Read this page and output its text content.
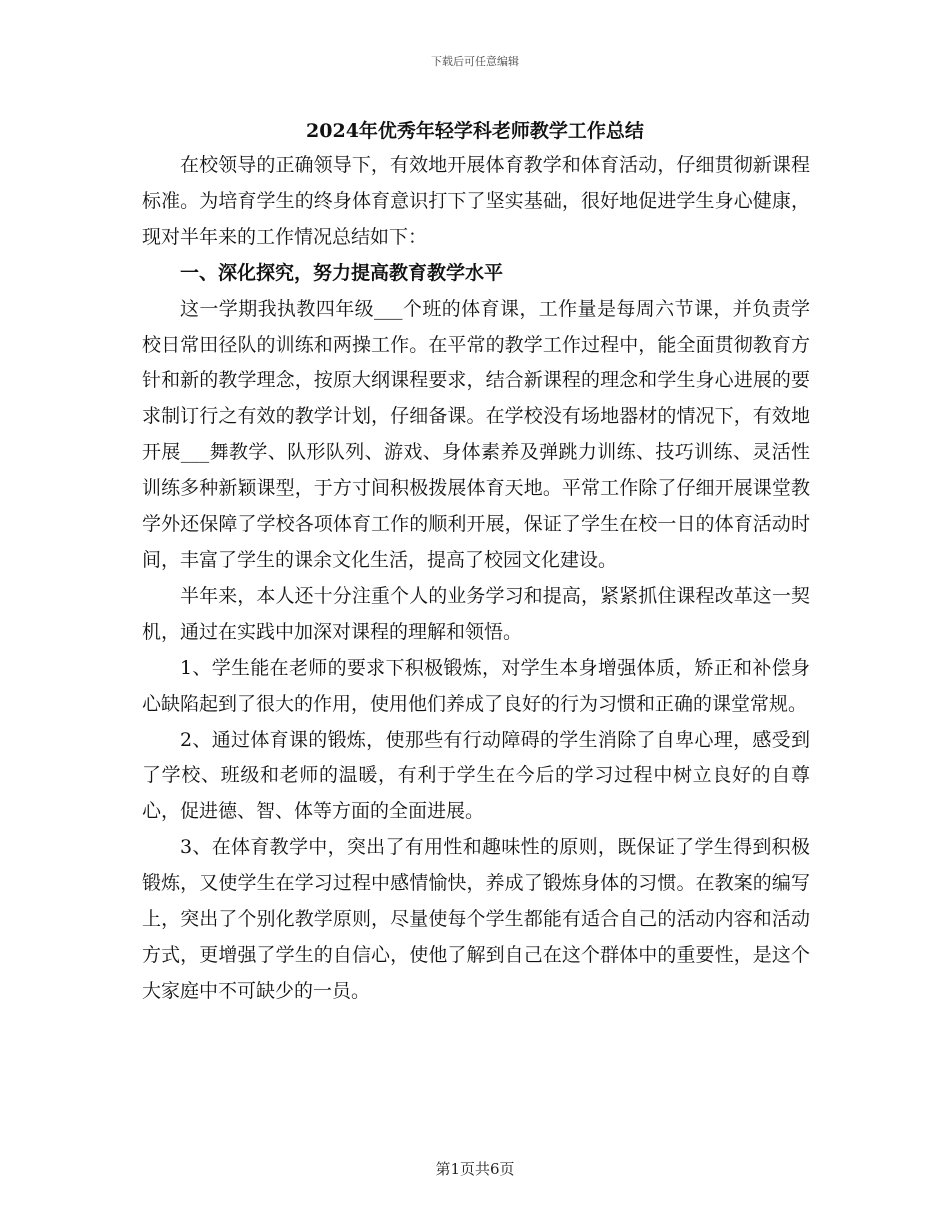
下载后可任意编辑
2024年优秀年轻学科老师教学工作总结

在校领导的正确领导下，有效地开展体育教学和体育活动，仔细贯彻新课程标准。为培育学生的终身体育意识打下了坚实基础，很好地促进学生身心健康，现对半年来的工作情况总结如下：

一、深化探究，努力提高教育教学水平

这一学期我执教四年级___个班的体育课，工作量是每周六节课，并负责学校日常田径队的训练和两操工作。在平常的教学工作过程中，能全面贯彻教育方针和新的教学理念，按原大纲课程要求，结合新课程的理念和学生身心进展的要求制订行之有效的教学计划，仔细备课。在学校没有场地器材的情况下，有效地开展___舞教学、队形队列、游戏、身体素养及弹跳力训练、技巧训练、灵活性训练多种新颖课型，于方寸间积极拨展体育天地。平常工作除了仔细开展课堂教学外还保障了学校各项体育工作的顺利开展，保证了学生在校一日的体育活动时间，丰富了学生的课余文化生活，提高了校园文化建设。

半年来，本人还十分注重个人的业务学习和提高，紧紧抓住课程改革这一契机，通过在实践中加深对课程的理解和领悟。

1、学生能在老师的要求下积极锻炼，对学生本身增强体质，矫正和补偿身心缺陷起到了很大的作用，使用他们养成了良好的行为习惯和正确的课堂常规。

2、通过体育课的锻炼，使那些有行动障碍的学生消除了自卑心理，感受到了学校、班级和老师的温暖，有利于学生在今后的学习过程中树立良好的自尊心，促进德、智、体等方面的全面进展。

3、在体育教学中，突出了有用性和趣味性的原则，既保证了学生得到积极锻炼，又使学生在学习过程中感情愉快，养成了锻炼身体的习惯。在教案的编写上，突出了个别化教学原则，尽量使每个学生都能有适合自己的活动内容和活动方式，更增强了学生的自信心，使他了解到自己在这个群体中的重要性，是这个大家庭中不可缺少的一员。

第1页共6页
